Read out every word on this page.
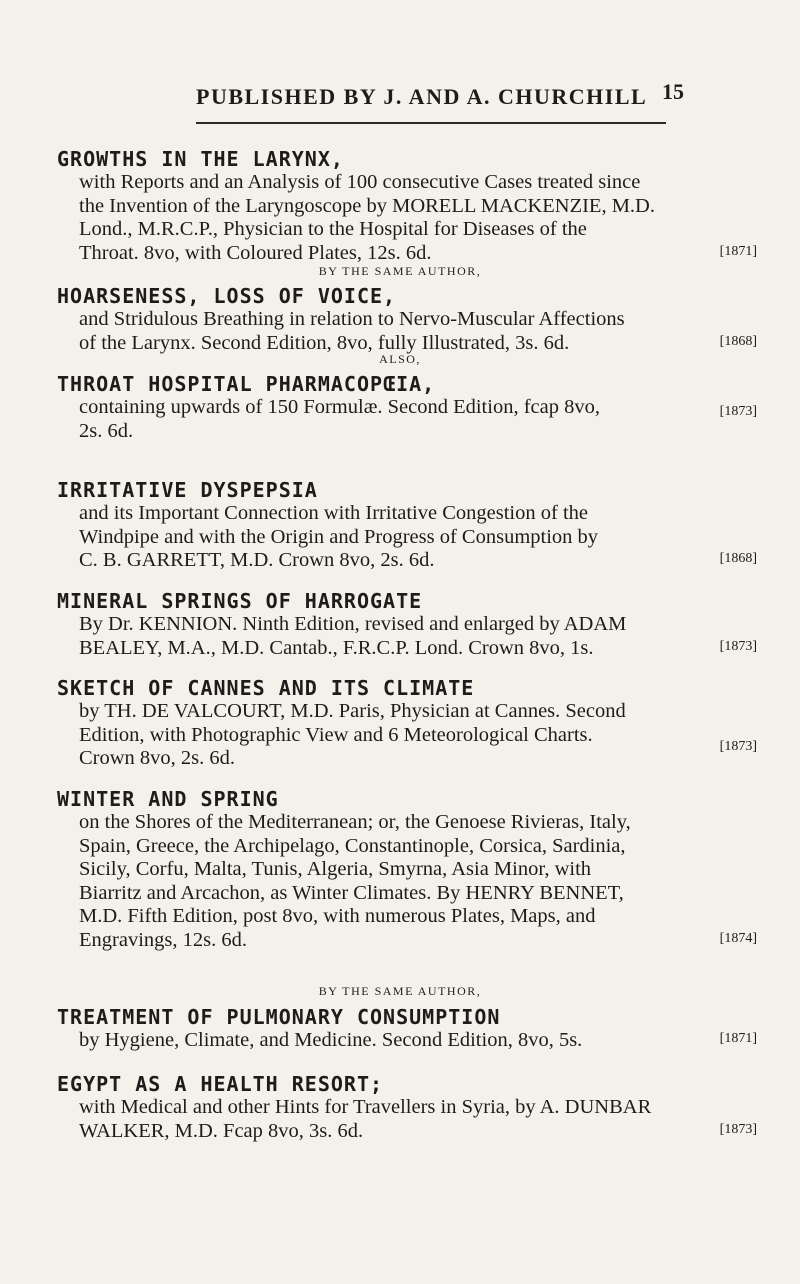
PUBLISHED BY J. AND A. CHURCHILL 15

GROWTHS IN THE LARYNX,

with Reports and an Analysis of 100 consecutive Cases treated since
the Invention of the Laryngoscope by MORELL MACKENZIE, M.D.
Lond., M.R.C.P., Physician to the Hospital for Diseases of the
Throat. 8vo, with Coloured Plates, 12s. 6d.	[1871]
BY THE SAME AUTHOR,

HOARSENESS, LOSS OF VOICE,

and Stridulous Breathing in relation to Nervo-Muscular Affections
of the Larynx. Second Edition, 8vo, fully Illustrated, 3s. 6d.	[1868]
ALSO,

THROAT HOSPITAL PHARMACOPŒIA,

containing upwards of 150 Formulæ. Second Edition, fcap 8vo,
2s. 6d.
[1873]

IRRITATIVE DYSPEPSIA

and its Important Connection with Irritative Congestion of the
Windpipe and with the Origin and Progress of Consumption by
C. B. GARRETT, M.D. Crown 8vo, 2s. 6d.	[1868]

MINERAL SPRINGS OF HARROGATE

By Dr. KENNION. Ninth Edition, revised and enlarged by ADAM
BEALEY, M.A., M.D. Cantab., F.R.C.P. Lond. Crown 8vo, 1s.	[1873]

SKETCH OF CANNES AND ITS CLIMATE

by TH. DE VALCOURT, M.D. Paris, Physician at Cannes. Second
Edition, with Photographic View and 6 Meteorological Charts.
Crown 8vo, 2s. 6d.
[1873]

WINTER AND SPRING

on the Shores of the Mediterranean; or, the Genoese Rivieras, Italy,
Spain, Greece, the Archipelago, Constantinople, Corsica, Sardinia,
Sicily, Corfu, Malta, Tunis, Algeria, Smyrna, Asia Minor, with
Biarritz and Arcachon, as Winter Climates. By HENRY BENNET,
M.D. Fifth Edition, post 8vo, with numerous Plates, Maps, and
Engravings, 12s. 6d.	[1874]
BY THE SAME AUTHOR,

TREATMENT OF PULMONARY CONSUMPTION

by Hygiene, Climate, and Medicine. Second Edition, 8vo, 5s.	[1871]

EGYPT AS A HEALTH RESORT;

with Medical and other Hints for Travellers in Syria, by A. DUNBAR
WALKER, M.D. Fcap 8vo, 3s. 6d.	[1873]
